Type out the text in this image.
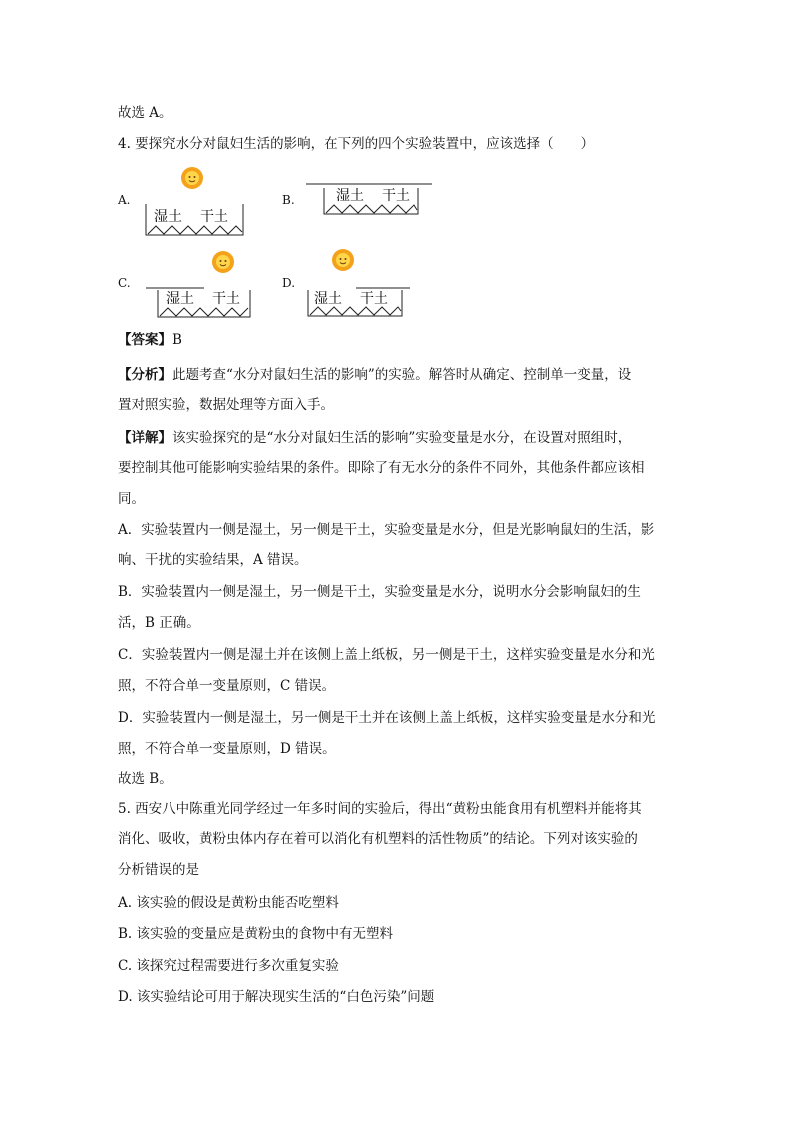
故选 A。
4. 要探究水分对鼠妇生活的影响，在下列的四个实验装置中，应该选择（　　）
A.
湿土 干土
B.	湿土 干土
C.
湿土 干土
D.
湿土 干土
【答案】B
【分析】此题考查“水分对鼠妇生活的影响”的实验。解答时从确定、控制单一变量，设
置对照实验，数据处理等方面入手。
【详解】该实验探究的是“水分对鼠妇生活的影响”实验变量是水分，在设置对照组时，
要控制其他可能影响实验结果的条件。即除了有无水分的条件不同外，其他条件都应该相
同。
A．实验装置内一侧是湿土，另一侧是干土，实验变量是水分，但是光影响鼠妇的生活，影
响、干扰的实验结果，A 错误。
B．实验装置内一侧是湿土，另一侧是干土，实验变量是水分，说明水分会影响鼠妇的生
活，B 正确。
C．实验装置内一侧是湿土并在该侧上盖上纸板，另一侧是干土，这样实验变量是水分和光
照，不符合单一变量原则，C 错误。
D．实验装置内一侧是湿土，另一侧是干土并在该侧上盖上纸板，这样实验变量是水分和光
照，不符合单一变量原则，D 错误。
故选 B。
5. 西安八中陈重光同学经过一年多时间的实验后，得出“黄粉虫能食用有机塑料并能将其
消化、吸收，黄粉虫体内存在着可以消化有机塑料的活性物质”的结论。下列对该实验的
分析错误的是
A. 该实验的假设是黄粉虫能否吃塑料
B. 该实验的变量应是黄粉虫的食物中有无塑料
C. 该探究过程需要进行多次重复实验
D. 该实验结论可用于解决现实生活的“白色污染”问题
